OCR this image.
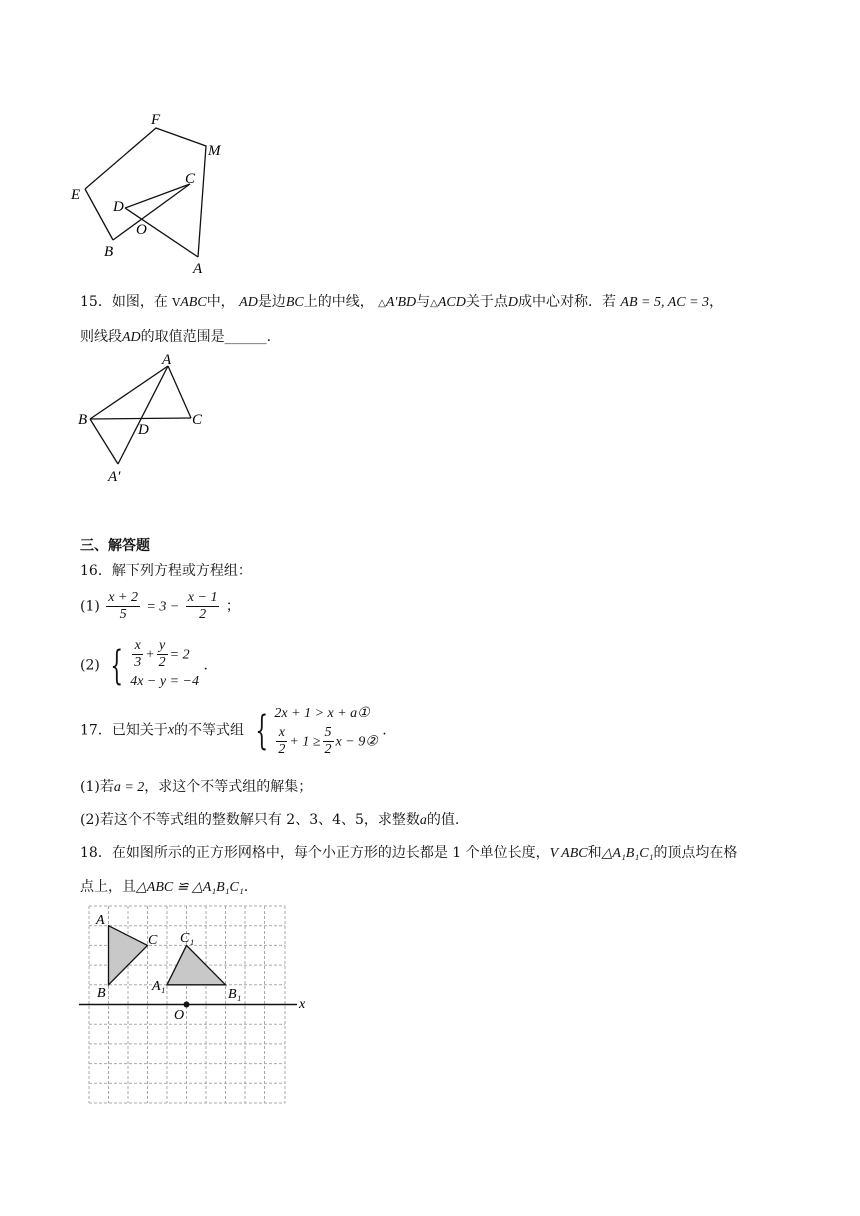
F
M
E
C
D
O
B
A
15．如图，在 VABC中， AD是边BC上的中线， △A′BD与△ACD关于点D成中心对称．若 AB = 5, AC = 3，
则线段AD的取值范围是______.
A
B	C
D
A′
三、解答题
16．解下列方程或方程组：
$(1) \frac{x + 2}{5} = 3 - \frac{x - 1}{2}$ ；
(2) { $\frac{x}{3} + \frac{y}{2} = 2$
4x − y = −4
.
17．已知关于x的不等式组 { 2x + 1 > x + a①
$\frac{x}{2} + 1 \ge \frac{5}{2}$ x − 9②
.
(1)若a = 2，求这个不等式组的解集；
(2)若这个不等式组的整数解只有 2、3、4、5，求整数a的值.
18．在如图所示的正方形网格中，每个小正方形的边长都是 1 个单位长度，V ABC和△A₁B₁C₁的顶点均在格
点上，且△ABC ≌ △A₁B₁C₁.
x
O
A
C
B
C₁
A₁
B₁
